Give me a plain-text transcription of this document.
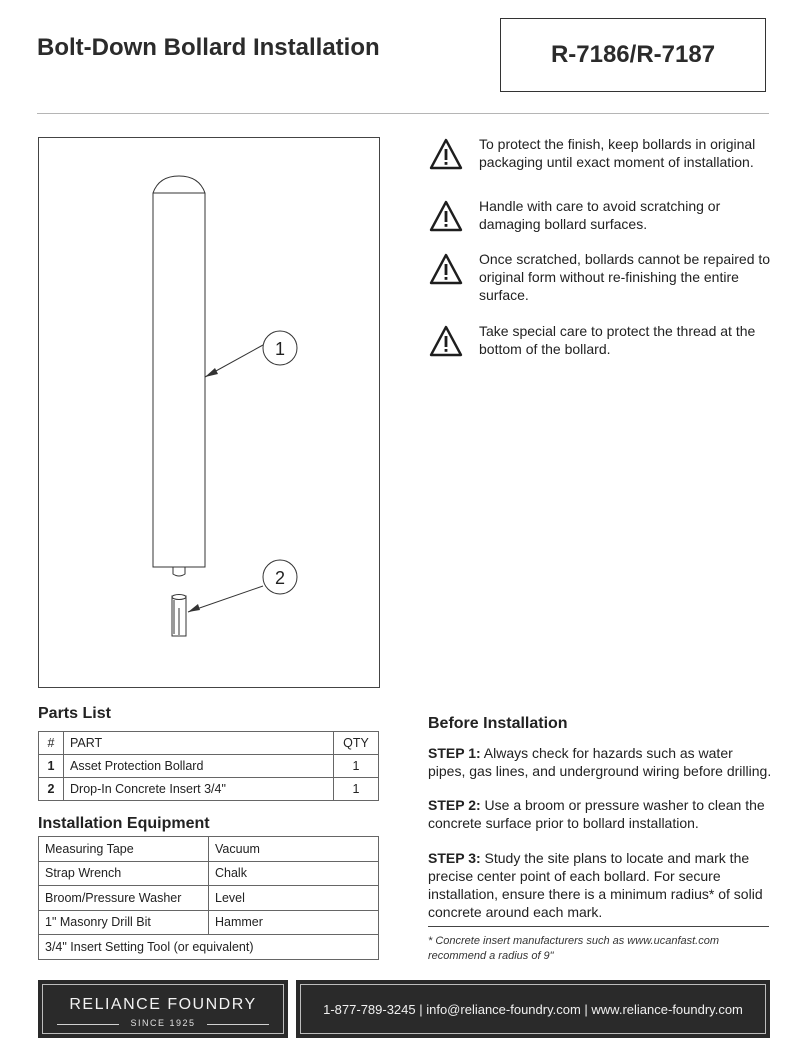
Bolt-Down Bollard Installation	R-7186/R-7187
1
2
To protect the finish, keep bollards in original packaging until exact moment of installation.
Handle with care to avoid scratching or damaging bollard surfaces.
Once scratched, bollards cannot be repaired to original form without re-finishing the entire surface.
Take special care to protect the thread at the bottom of the bollard.
Parts List
#	PART	QTY
1	Asset Protection Bollard	1
2	Drop-In Concrete Insert 3/4"	1
Installation Equipment
Measuring Tape	Vacuum
Strap Wrench	Chalk
Broom/Pressure Washer	Level
1" Masonry Drill Bit	Hammer
3/4" Insert Setting Tool (or equivalent)	
Before Installation
STEP 1: Always check for hazards such as water pipes, gas lines, and underground wiring before drilling.
STEP 2: Use a broom or pressure washer to clean the concrete surface prior to bollard installation.
STEP 3: Study the site plans to locate and mark the precise center point of each bollard. For secure installation, ensure there is a minimum radius* of solid concrete around each mark.
* Concrete insert manufacturers such as www.ucanfast.com recommend a radius of 9"
RELIANCE FOUNDRY
SINCE 1925
1-877-789-3245 | info@reliance-foundry.com | www.reliance-foundry.com
